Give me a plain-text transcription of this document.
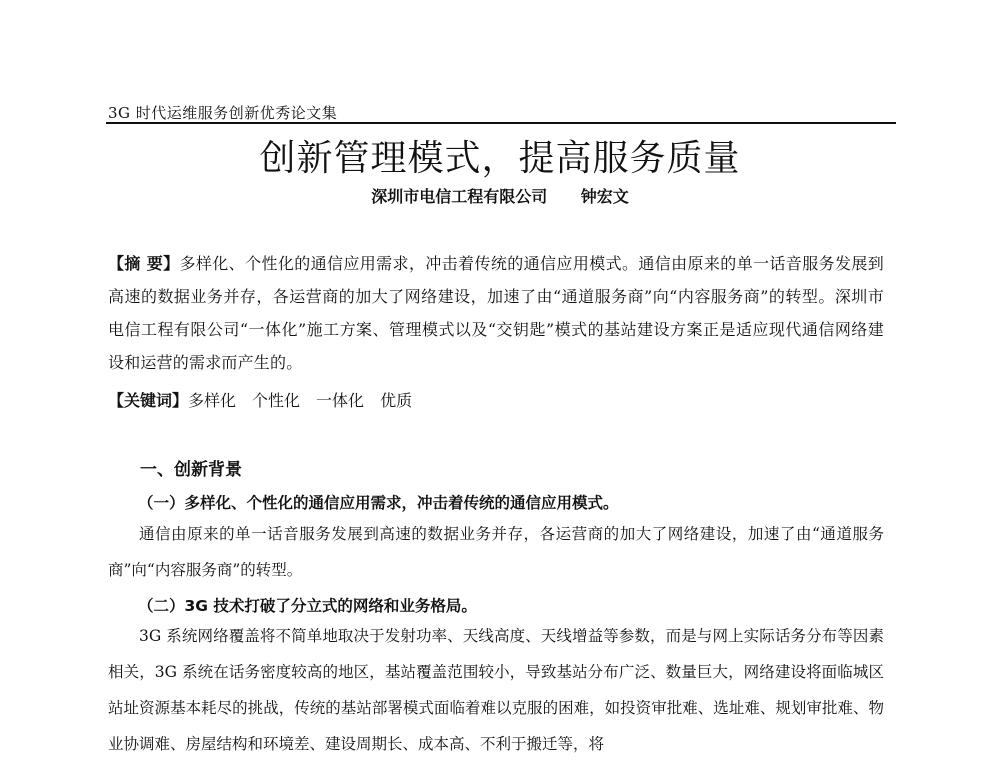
3G 时代运维服务创新优秀论文集
创新管理模式，提高服务质量
深圳市电信工程有限公司 钟宏文

【摘 要】多样化、个性化的通信应用需求，冲击着传统的通信应用模式。通信由原来的单一话音服务发展到高速的数据业务并存，各运营商的加大了网络建设，加速了由“通道服务商”向“内容服务商”的转型。深圳市电信工程有限公司“一体化”施工方案、管理模式以及“交钥匙”模式的基站建设方案正是适应现代通信网络建设和运营的需求而产生的。

【关键词】多样化 个性化 一体化 优质
一、创新背景
（一）多样化、个性化的通信应用需求，冲击着传统的通信应用模式。

通信由原来的单一话音服务发展到高速的数据业务并存，各运营商的加大了网络建设，加速了由“通道服务商”向“内容服务商”的转型。

（二）3G 技术打破了分立式的网络和业务格局。

3G 系统网络覆盖将不简单地取决于发射功率、天线高度、天线增益等参数，而是与网上实际话务分布等因素相关，3G 系统在话务密度较高的地区，基站覆盖范围较小，导致基站分布广泛、数量巨大，网络建设将面临城区站址资源基本耗尽的挑战，传统的基站部署模式面临着难以克服的困难，如投资审批难、选址难、规划审批难、物业协调难、房屋结构和环境差、建设周期长、成本高、不利于搬迁等，将
